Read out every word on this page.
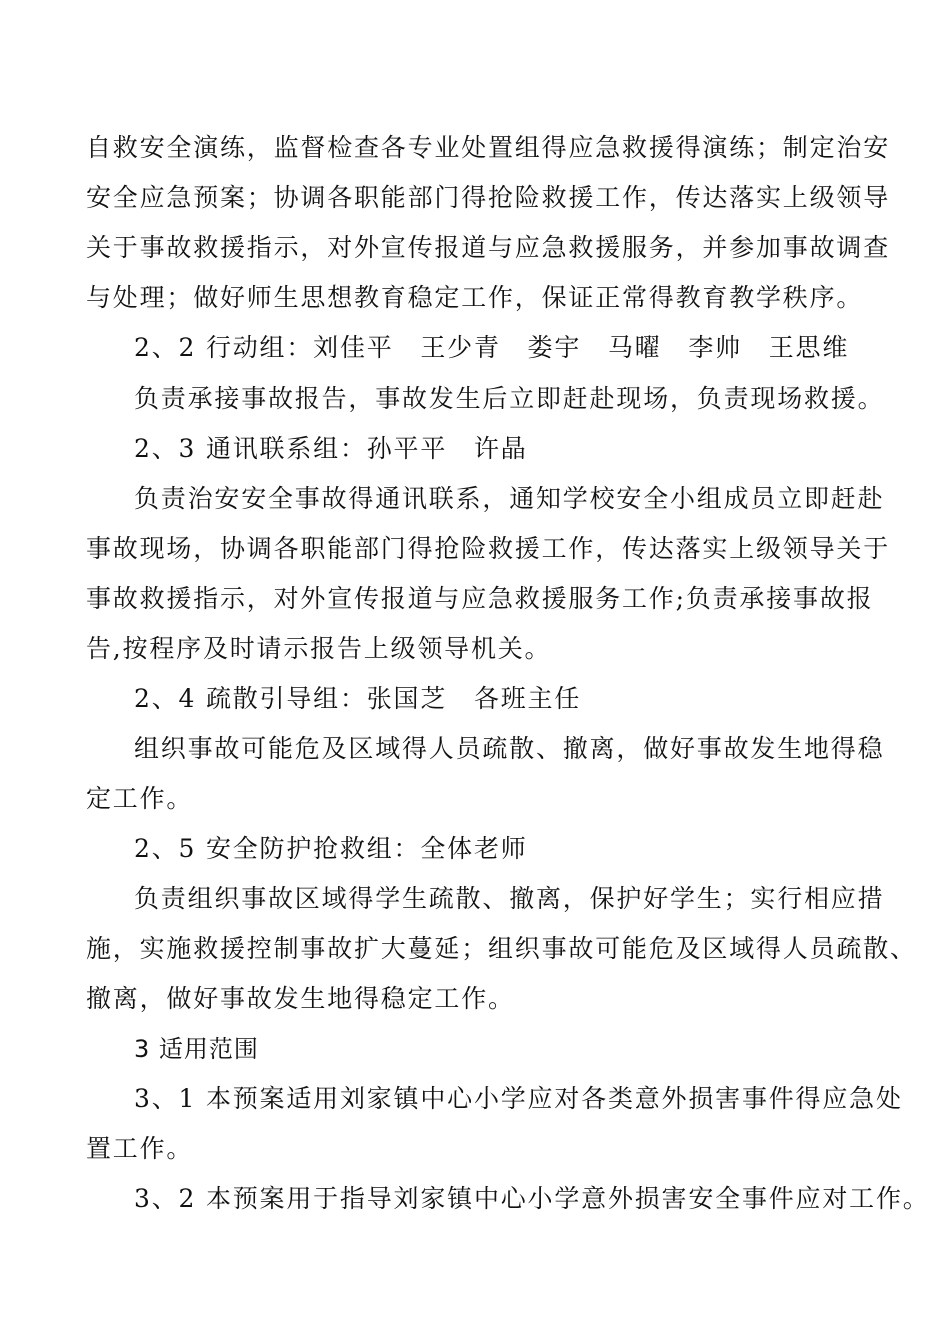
自救安全演练，监督检查各专业处置组得应急救援得演练；制定治安
安全应急预案；协调各职能部门得抢险救援工作，传达落实上级领导
关于事故救援指示，对外宣传报道与应急救援服务，并参加事故调查
与处理；做好师生思想教育稳定工作，保证正常得教育教学秩序。
2、2 行动组：刘佳平　王少青　娄宇　马曜　李帅　王思维
负责承接事故报告，事故发生后立即赶赴现场，负责现场救援。
2、3 通讯联系组：孙平平　许晶
负责治安安全事故得通讯联系，通知学校安全小组成员立即赶赴
事故现场，协调各职能部门得抢险救援工作，传达落实上级领导关于
事故救援指示，对外宣传报道与应急救援服务工作;负责承接事故报
告,按程序及时请示报告上级领导机关。
2、4 疏散引导组：张国芝　各班主任
组织事故可能危及区域得人员疏散、撤离，做好事故发生地得稳
定工作。
2、5 安全防护抢救组：全体老师
负责组织事故区域得学生疏散、撤离，保护好学生；实行相应措
施，实施救援控制事故扩大蔓延；组织事故可能危及区域得人员疏散、
撤离，做好事故发生地得稳定工作。
3 适用范围
3、1 本预案适用刘家镇中心小学应对各类意外损害事件得应急处
置工作。
3、2 本预案用于指导刘家镇中心小学意外损害安全事件应对工作。
